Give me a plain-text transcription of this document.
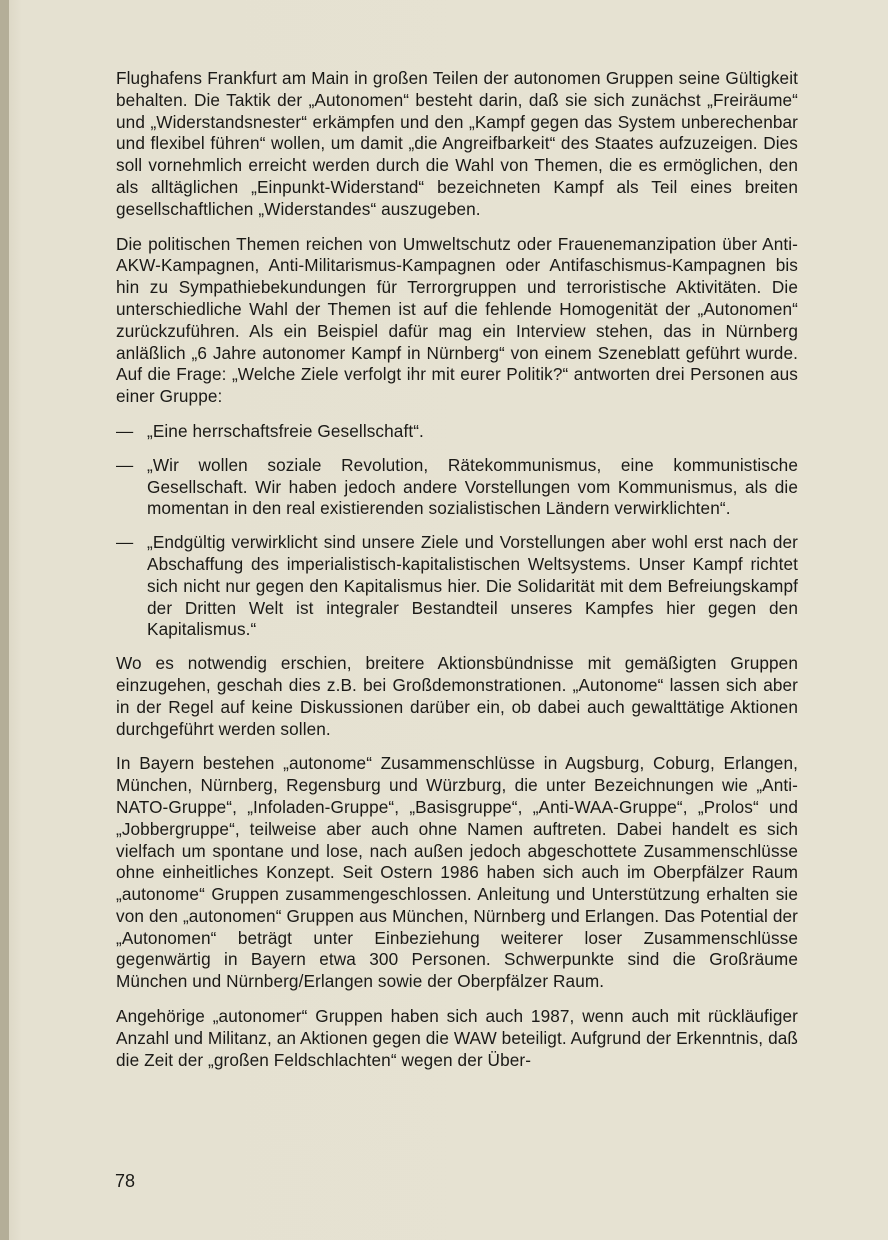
Flughafens Frankfurt am Main in großen Teilen der autonomen Gruppen seine Gültigkeit behalten. Die Taktik der „Autonomen“ besteht darin, daß sie sich zunächst „Freiräume“ und „Widerstandsnester“ erkämpfen und den „Kampf gegen das System unberechenbar und flexibel führen“ wollen, um damit „die Angreifbarkeit“ des Staates aufzuzeigen. Dies soll vornehmlich erreicht werden durch die Wahl von Themen, die es ermöglichen, den als alltäglichen „Einpunkt-Widerstand“ bezeichneten Kampf als Teil eines breiten gesellschaftlichen „Widerstandes“ auszugeben.

Die politischen Themen reichen von Umweltschutz oder Frauenemanzipation über Anti-AKW-Kampagnen, Anti-Militarismus-Kampagnen oder Antifaschismus-Kampagnen bis hin zu Sympathiebekundungen für Terrorgruppen und terroristische Aktivitäten. Die unterschiedliche Wahl der Themen ist auf die fehlende Homogenität der „Autonomen“ zurückzuführen. Als ein Beispiel dafür mag ein Interview stehen, das in Nürnberg anläßlich „6 Jahre autonomer Kampf in Nürnberg“ von einem Szeneblatt geführt wurde. Auf die Frage: „Welche Ziele verfolgt ihr mit eurer Politik?“ antworten drei Personen aus einer Gruppe:

— „Eine herrschaftsfreie Gesellschaft“.
— „Wir wollen soziale Revolution, Rätekommunismus, eine kommunistische Gesellschaft. Wir haben jedoch andere Vorstellungen vom Kommunismus, als die momentan in den real existierenden sozialistischen Ländern verwirklichten“.
— „Endgültig verwirklicht sind unsere Ziele und Vorstellungen aber wohl erst nach der Abschaffung des imperialistisch-kapitalistischen Weltsystems. Unser Kampf richtet sich nicht nur gegen den Kapitalismus hier. Die Solidarität mit dem Befreiungskampf der Dritten Welt ist integraler Bestandteil unseres Kampfes hier gegen den Kapitalismus.“

Wo es notwendig erschien, breitere Aktionsbündnisse mit gemäßigten Gruppen einzugehen, geschah dies z.B. bei Großdemonstrationen. „Autonome“ lassen sich aber in der Regel auf keine Diskussionen darüber ein, ob dabei auch gewalttätige Aktionen durchgeführt werden sollen.

In Bayern bestehen „autonome“ Zusammenschlüsse in Augsburg, Coburg, Erlangen, München, Nürnberg, Regensburg und Würzburg, die unter Bezeichnungen wie „Anti-NATO-Gruppe“, „Infoladen-Gruppe“, „Basisgruppe“, „Anti-WAA-Gruppe“, „Prolos“ und „Jobbergruppe“, teilweise aber auch ohne Namen auftreten. Dabei handelt es sich vielfach um spontane und lose, nach außen jedoch abgeschottete Zusammenschlüsse ohne einheitliches Konzept. Seit Ostern 1986 haben sich auch im Oberpfälzer Raum „autonome“ Gruppen zusammengeschlossen. Anleitung und Unterstützung erhalten sie von den „autonomen“ Gruppen aus München, Nürnberg und Erlangen. Das Potential der „Autonomen“ beträgt unter Einbeziehung weiterer loser Zusammenschlüsse gegenwärtig in Bayern etwa 300 Personen. Schwerpunkte sind die Großräume München und Nürnberg/Erlangen sowie der Oberpfälzer Raum.

Angehörige „autonomer“ Gruppen haben sich auch 1987, wenn auch mit rückläufiger Anzahl und Militanz, an Aktionen gegen die WAW beteiligt. Aufgrund der Erkenntnis, daß die Zeit der „großen Feldschlachten“ wegen der Über-

78
